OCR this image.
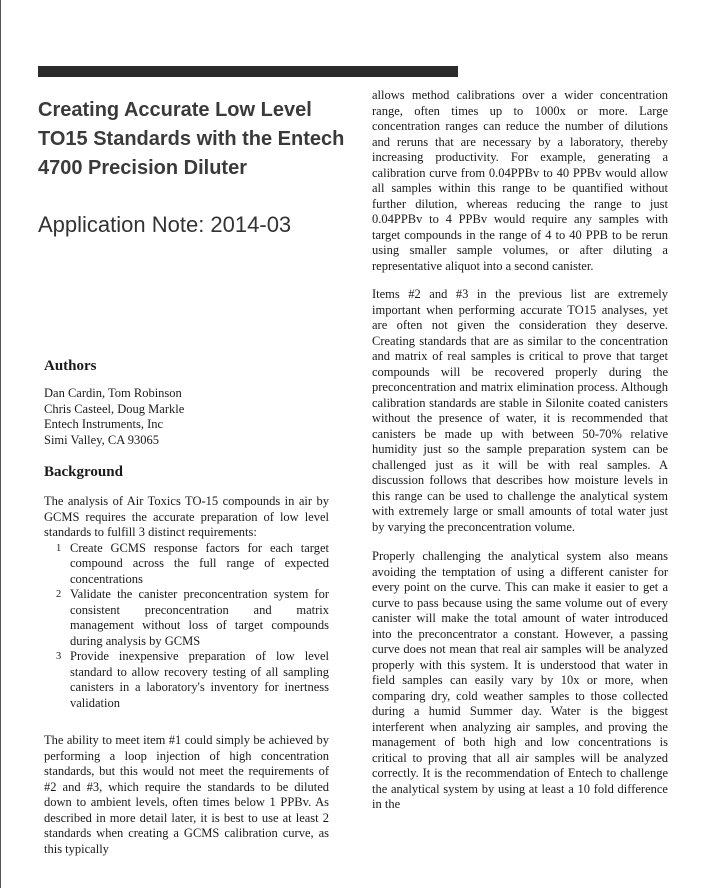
Creating Accurate Low Level TO15 Standards with the Entech 4700 Precision Diluter
Application Note: 2014-03
Authors
Dan Cardin, Tom Robinson
Chris Casteel, Doug Markle
Entech Instruments, Inc
Simi Valley, CA 93065
Background

The analysis of Air Toxics TO-15 compounds in air by GCMS requires the accurate preparation of low level standards to fulfill 3 distinct requirements:

1 Create GCMS response factors for each target compound across the full range of expected concentrations
2 Validate the canister preconcentration system for consistent preconcentration and matrix management without loss of target compounds during analysis by GCMS
3 Provide inexpensive preparation of low level standard to allow recovery testing of all sampling canisters in a laboratory's inventory for inertness validation

The ability to meet item #1 could simply be achieved by performing a loop injection of high concentration standards, but this would not meet the requirements of #2 and #3, which require the standards to be diluted down to ambient levels, often times below 1 PPBv. As described in more detail later, it is best to use at least 2 standards when creating a GCMS calibration curve, as this typically

allows method calibrations over a wider concentration range, often times up to 1000x or more. Large concentration ranges can reduce the number of dilutions and reruns that are necessary by a laboratory, thereby increasing productivity. For example, generating a calibration curve from 0.04PPBv to 40 PPBv would allow all samples within this range to be quantified without further dilution, whereas reducing the range to just 0.04PPBv to 4 PPBv would require any samples with target compounds in the range of 4 to 40 PPB to be rerun using smaller sample volumes, or after diluting a representative aliquot into a second canister.

Items #2 and #3 in the previous list are extremely important when performing accurate TO15 analyses, yet are often not given the consideration they deserve. Creating standards that are as similar to the concentration and matrix of real samples is critical to prove that target compounds will be recovered properly during the preconcentration and matrix elimination process. Although calibration standards are stable in Silonite coated canisters without the presence of water, it is recommended that canisters be made up with between 50-70% relative humidity just so the sample preparation system can be challenged just as it will be with real samples. A discussion follows that describes how moisture levels in this range can be used to challenge the analytical system with extremely large or small amounts of total water just by varying the preconcentration volume.

Properly challenging the analytical system also means avoiding the temptation of using a different canister for every point on the curve. This can make it easier to get a curve to pass because using the same volume out of every canister will make the total amount of water introduced into the preconcentrator a constant. However, a passing curve does not mean that real air samples will be analyzed properly with this system. It is understood that water in field samples can easily vary by 10x or more, when comparing dry, cold weather samples to those collected during a humid Summer day. Water is the biggest interferent when analyzing air samples, and proving the management of both high and low concentrations is critical to proving that all air samples will be analyzed correctly. It is the recommendation of Entech to challenge the analytical system by using at least a 10 fold difference in the
